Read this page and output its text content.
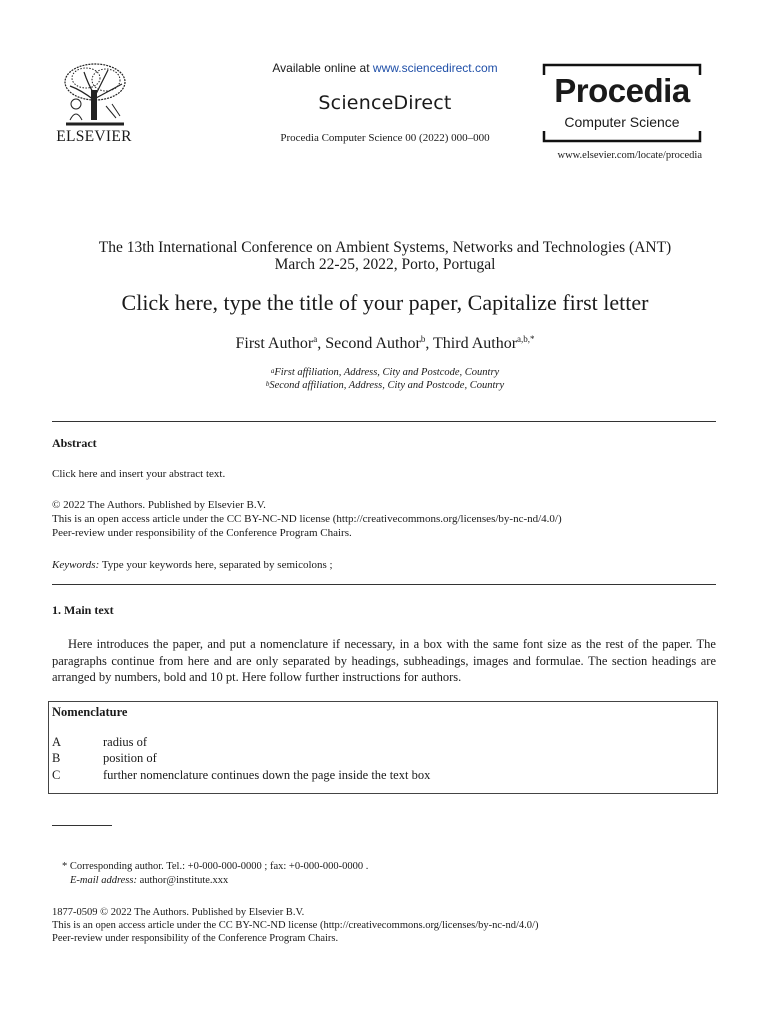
ELSEVIER
Available online at www.sciencedirect.com
ScienceDirect
Procedia Computer Science 00 (2022) 000–000
Procedia
Computer Science
www.elsevier.com/locate/procedia
The 13th International Conference on Ambient Systems, Networks and Technologies (ANT)
March 22-25, 2022, Porto, Portugal
Click here, type the title of your paper, Capitalize first letter
First Author$^a$, Second Author$^b$, Third Author$^{a,b,*}$
$^a$First affiliation, Address, City and Postcode, Country
$^b$Second affiliation, Address, City and Postcode, Country
Abstract
Click here and insert your abstract text.
© 2022 The Authors. Published by Elsevier B.V.
This is an open access article under the CC BY-NC-ND license (http://creativecommons.org/licenses/by-nc-nd/4.0/)
Peer-review under responsibility of the Conference Program Chairs.
Keywords: Type your keywords here, separated by semicolons ;
1. Main text
Here introduces the paper, and put a nomenclature if necessary, in a box with the same font size as the rest of the paper. The paragraphs continue from here and are only separated by headings, subheadings, images and formulae. The section headings are arranged by numbers, bold and 10 pt. Here follow further instructions for authors.
Nomenclature
A	radius of
B	position of
C	further nomenclature continues down the page inside the text box
* Corresponding author. Tel.: +0-000-000-0000 ; fax: +0-000-000-0000 .
E-mail address: author@institute.xxx
1877-0509 © 2022 The Authors. Published by Elsevier B.V.
This is an open access article under the CC BY-NC-ND license (http://creativecommons.org/licenses/by-nc-nd/4.0/)
Peer-review under responsibility of the Conference Program Chairs.
